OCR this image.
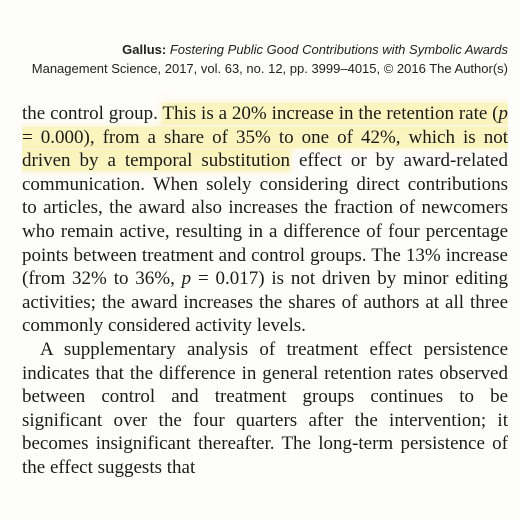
Gallus: Fostering Public Good Contributions with Symbolic Awards
Management Science, 2017, vol. 63, no. 12, pp. 3999–4015, © 2016 The Author(s)

the control group. This is a 20% increase in the retention rate (p = 0.000), from a share of 35% to one of 42%, which is not driven by a temporal substitution effect or by award-related communication. When solely considering direct contributions to articles, the award also increases the fraction of newcomers who remain active, resulting in a difference of four percentage points between treatment and control groups. The 13% increase (from 32% to 36%, p = 0.017) is not driven by minor editing activities; the award increases the shares of authors at all three commonly considered activity levels.

A supplementary analysis of treatment effect persistence indicates that the difference in general retention rates observed between control and treatment groups continues to be significant over the four quarters after the intervention; it becomes insignificant thereafter. The long-term persistence of the effect suggests that
